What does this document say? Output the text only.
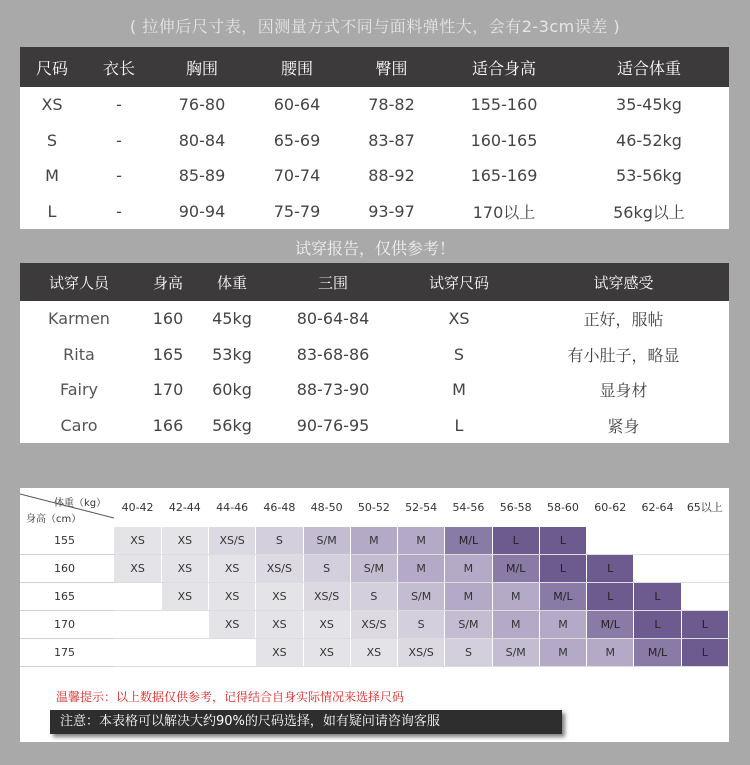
( 拉伸后尺寸表，因测量方式不同与面料弹性大，会有2-3cm误差 )
尺码	衣长	胸围	腰围	臀围	适合身高	适合体重
XS	-	76-80	60-64	78-82	155-160	35-45kg
S	-	80-84	65-69	83-87	160-165	46-52kg
M	-	85-89	70-74	88-92	165-169	53-56kg
L	-	90-94	75-79	93-97	170以上	56kg以上
试穿报告，仅供参考！
试穿人员	身高	体重	三围	试穿尺码	试穿感受
Karmen	160	45kg	80-64-84	XS	正好，服帖
Rita	165	53kg	83-68-86	S	有小肚子，略显
Fairy	170	60kg	88-73-90	M	显身材
Caro	166	56kg	90-76-95	L	紧身
体重（kg）
身高（cm）	40-42	42-44	44-46	46-48	48-50	50-52	52-54	54-56	56-58	58-60	60-62	62-64	65以上
155	XS	XS	XS/S	S	S/M	M	M	M/L	L	L			
160	XS	XS	XS	XS/S	S	S/M	M	M	M/L	L	L		
165		XS	XS	XS	XS/S	S	S/M	M	M	M/L	L	L	
170			XS	XS	XS	XS/S	S	S/M	M	M	M/L	L	L
175				XS	XS	XS	XS/S	S	S/M	M	M	M/L	L
温馨提示：以上数据仅供参考，记得结合自身实际情况来选择尺码
注意：本表格可以解决大约90%的尺码选择，如有疑问请咨询客服
